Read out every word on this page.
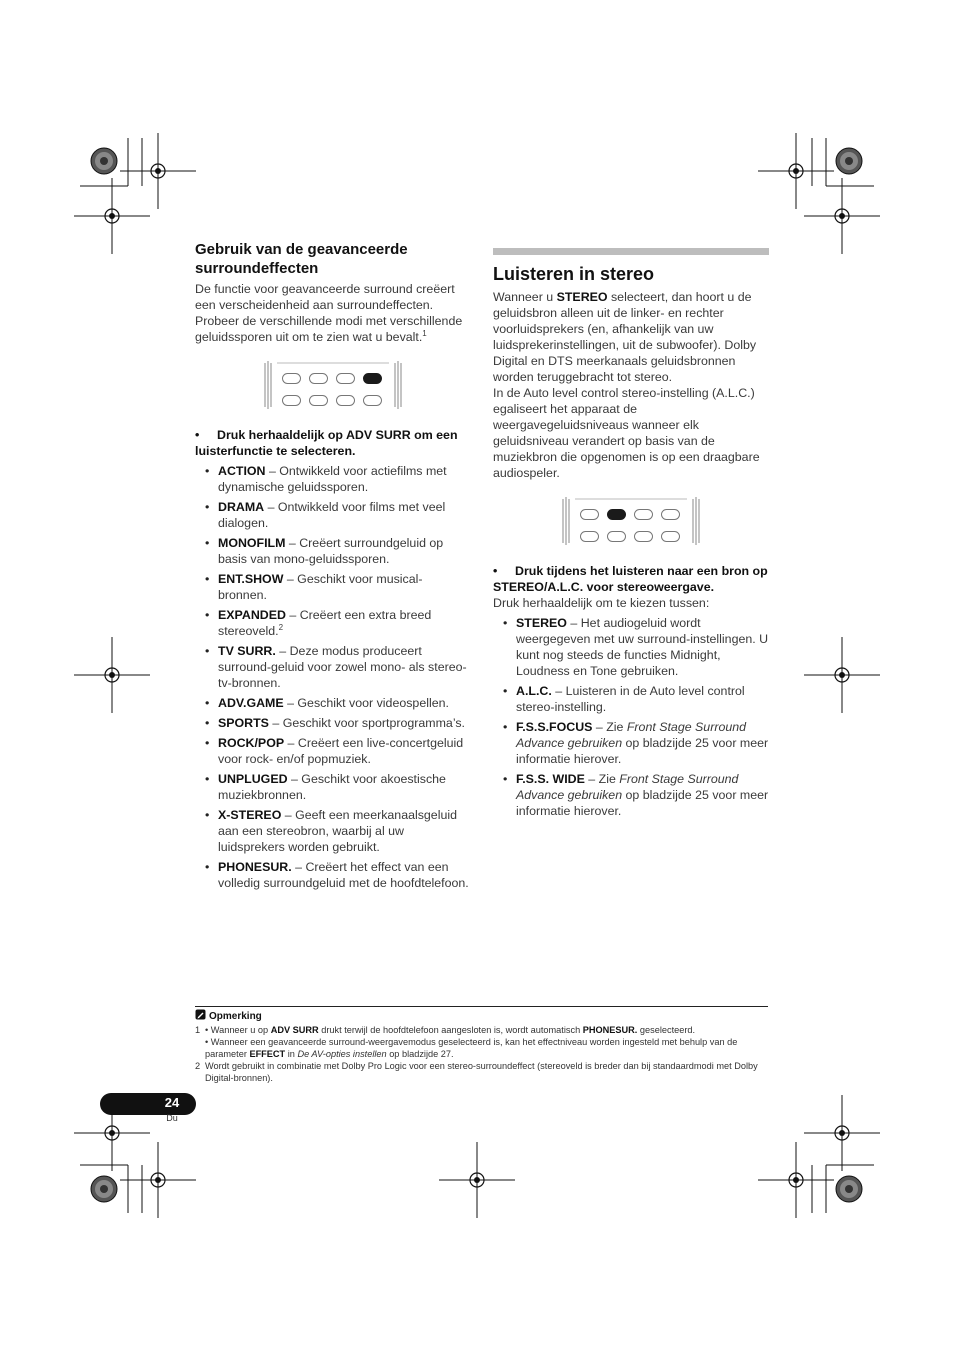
Gebruik van de geavanceerde surroundeffecten

De functie voor geavanceerde surround creëert een verscheidenheid aan surroundeffecten. Probeer de verschillende modi met verschillende geluidssporen uit om te zien wat u bevalt.$^1$

• Druk herhaaldelijk op ADV SURR om een luisterfunctie te selecteren.

• ACTION – Ontwikkeld voor actiefilms met dynamische geluidssporen.
• DRAMA – Ontwikkeld voor films met veel dialogen.
• MONOFILM – Creëert surroundgeluid op basis van mono-geluidssporen.
• ENT.SHOW – Geschikt voor musical-bronnen.
• EXPANDED – Creëert een extra breed stereoveld.$^2$
• TV SURR. – Deze modus produceert surround-geluid voor zowel mono- als stereo-tv-bronnen.
• ADV.GAME – Geschikt voor videospellen.
• SPORTS – Geschikt voor sportprogramma’s.
• ROCK/POP – Creëert een live-concertgeluid voor rock- en/of popmuziek.
• UNPLUGED – Geschikt voor akoestische muziekbronnen.
• X-STEREO – Geeft een meerkanaalsgeluid aan een stereobron, waarbij al uw luidsprekers worden gebruikt.
• PHONESUR. – Creëert het effect van een volledig surroundgeluid met de hoofdtelefoon.
Luisteren in stereo

Wanneer u STEREO selecteert, dan hoort u de geluidsbron alleen uit de linker- en rechter voorluidsprekers (en, afhankelijk van uw luidsprekerinstellingen, uit de subwoofer). Dolby Digital en DTS meerkanaals geluidsbronnen worden teruggebracht tot stereo.

In de Auto level control stereo-instelling (A.L.C.) egaliseert het apparaat de weergavegeluidsniveaus wanneer elk geluidsniveau verandert op basis van de muziekbron die opgenomen is op een draagbare audiospeler.

• Druk tijdens het luisteren naar een bron op STEREO/A.L.C. voor stereoweergave.

Druk herhaaldelijk om te kiezen tussen:

• STEREO – Het audiogeluid wordt weergegeven met uw surround-instellingen. U kunt nog steeds de functies Midnight, Loudness en Tone gebruiken.
• A.L.C. – Luisteren in de Auto level control stereo-instelling.
• F.S.S.FOCUS – Zie Front Stage Surround Advance gebruiken op bladzijde 25 voor meer informatie hierover.
• F.S.S. WIDE – Zie Front Stage Surround Advance gebruiken op bladzijde 25 voor meer informatie hierover.
Opmerking
1 • Wanneer u op ADV SURR drukt terwijl de hoofdtelefoon aangesloten is, wordt automatisch PHONESUR. geselecteerd.
• Wanneer een geavanceerde surround-weergavemodus geselecteerd is, kan het effectniveau worden ingesteld met behulp van de parameter EFFECT in De AV-opties instellen op bladzijde 27.
2 Wordt gebruikt in combinatie met Dolby Pro Logic voor een stereo-surroundeffect (stereoveld is breder dan bij standaardmodi met Dolby Digital-bronnen).
24
Du
